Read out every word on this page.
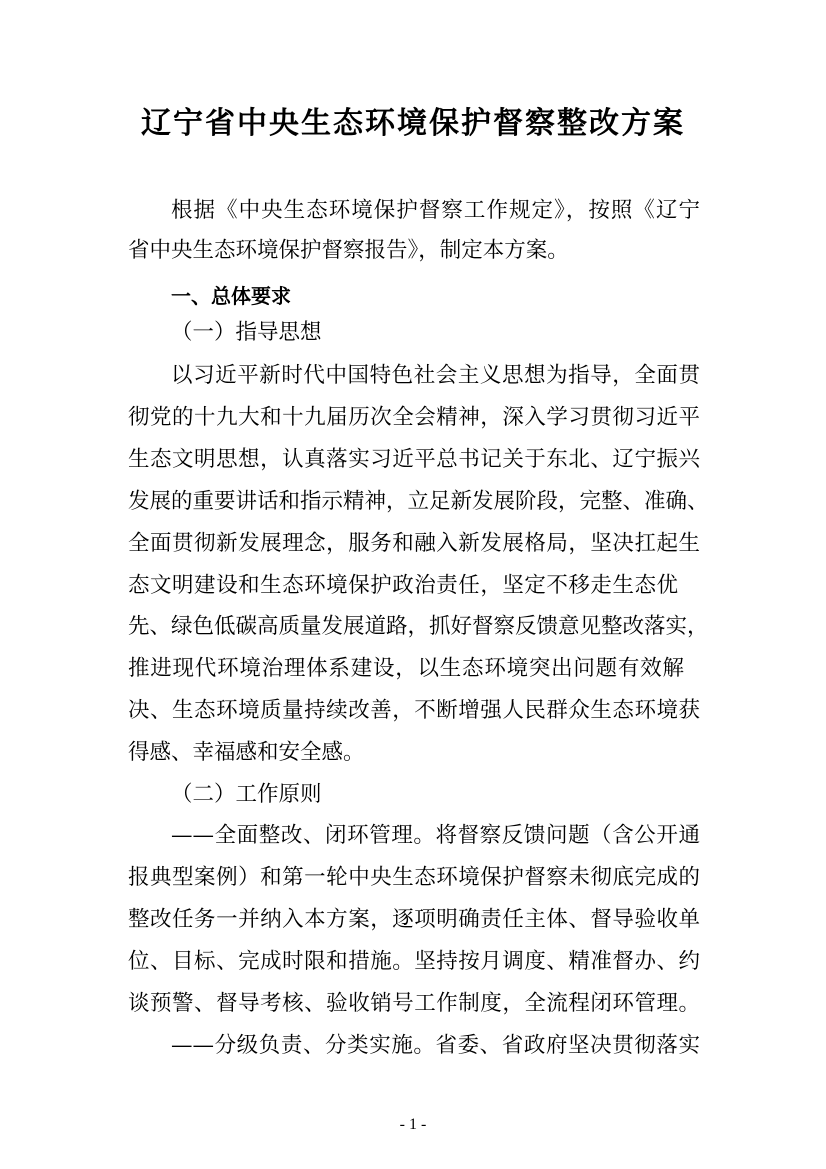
辽宁省中央生态环境保护督察整改方案

根据《中央生态环境保护督察工作规定》，按照《辽宁

省中央生态环境保护督察报告》，制定本方案。

一、总体要求

（一）指导思想

以习近平新时代中国特色社会主义思想为指导，全面贯

彻党的十九大和十九届历次全会精神，深入学习贯彻习近平

生态文明思想，认真落实习近平总书记关于东北、辽宁振兴

发展的重要讲话和指示精神，立足新发展阶段，完整、准确、

全面贯彻新发展理念，服务和融入新发展格局，坚决扛起生

态文明建设和生态环境保护政治责任，坚定不移走生态优

先、绿色低碳高质量发展道路，抓好督察反馈意见整改落实，

推进现代环境治理体系建设，以生态环境突出问题有效解

决、生态环境质量持续改善，不断增强人民群众生态环境获

得感、幸福感和安全感。

（二）工作原则

——全面整改、闭环管理。将督察反馈问题（含公开通

报典型案例）和第一轮中央生态环境保护督察未彻底完成的

整改任务一并纳入本方案，逐项明确责任主体、督导验收单

位、目标、完成时限和措施。坚持按月调度、精准督办、约

谈预警、督导考核、验收销号工作制度，全流程闭环管理。

——分级负责、分类实施。省委、省政府坚决贯彻落实

- 1 -
